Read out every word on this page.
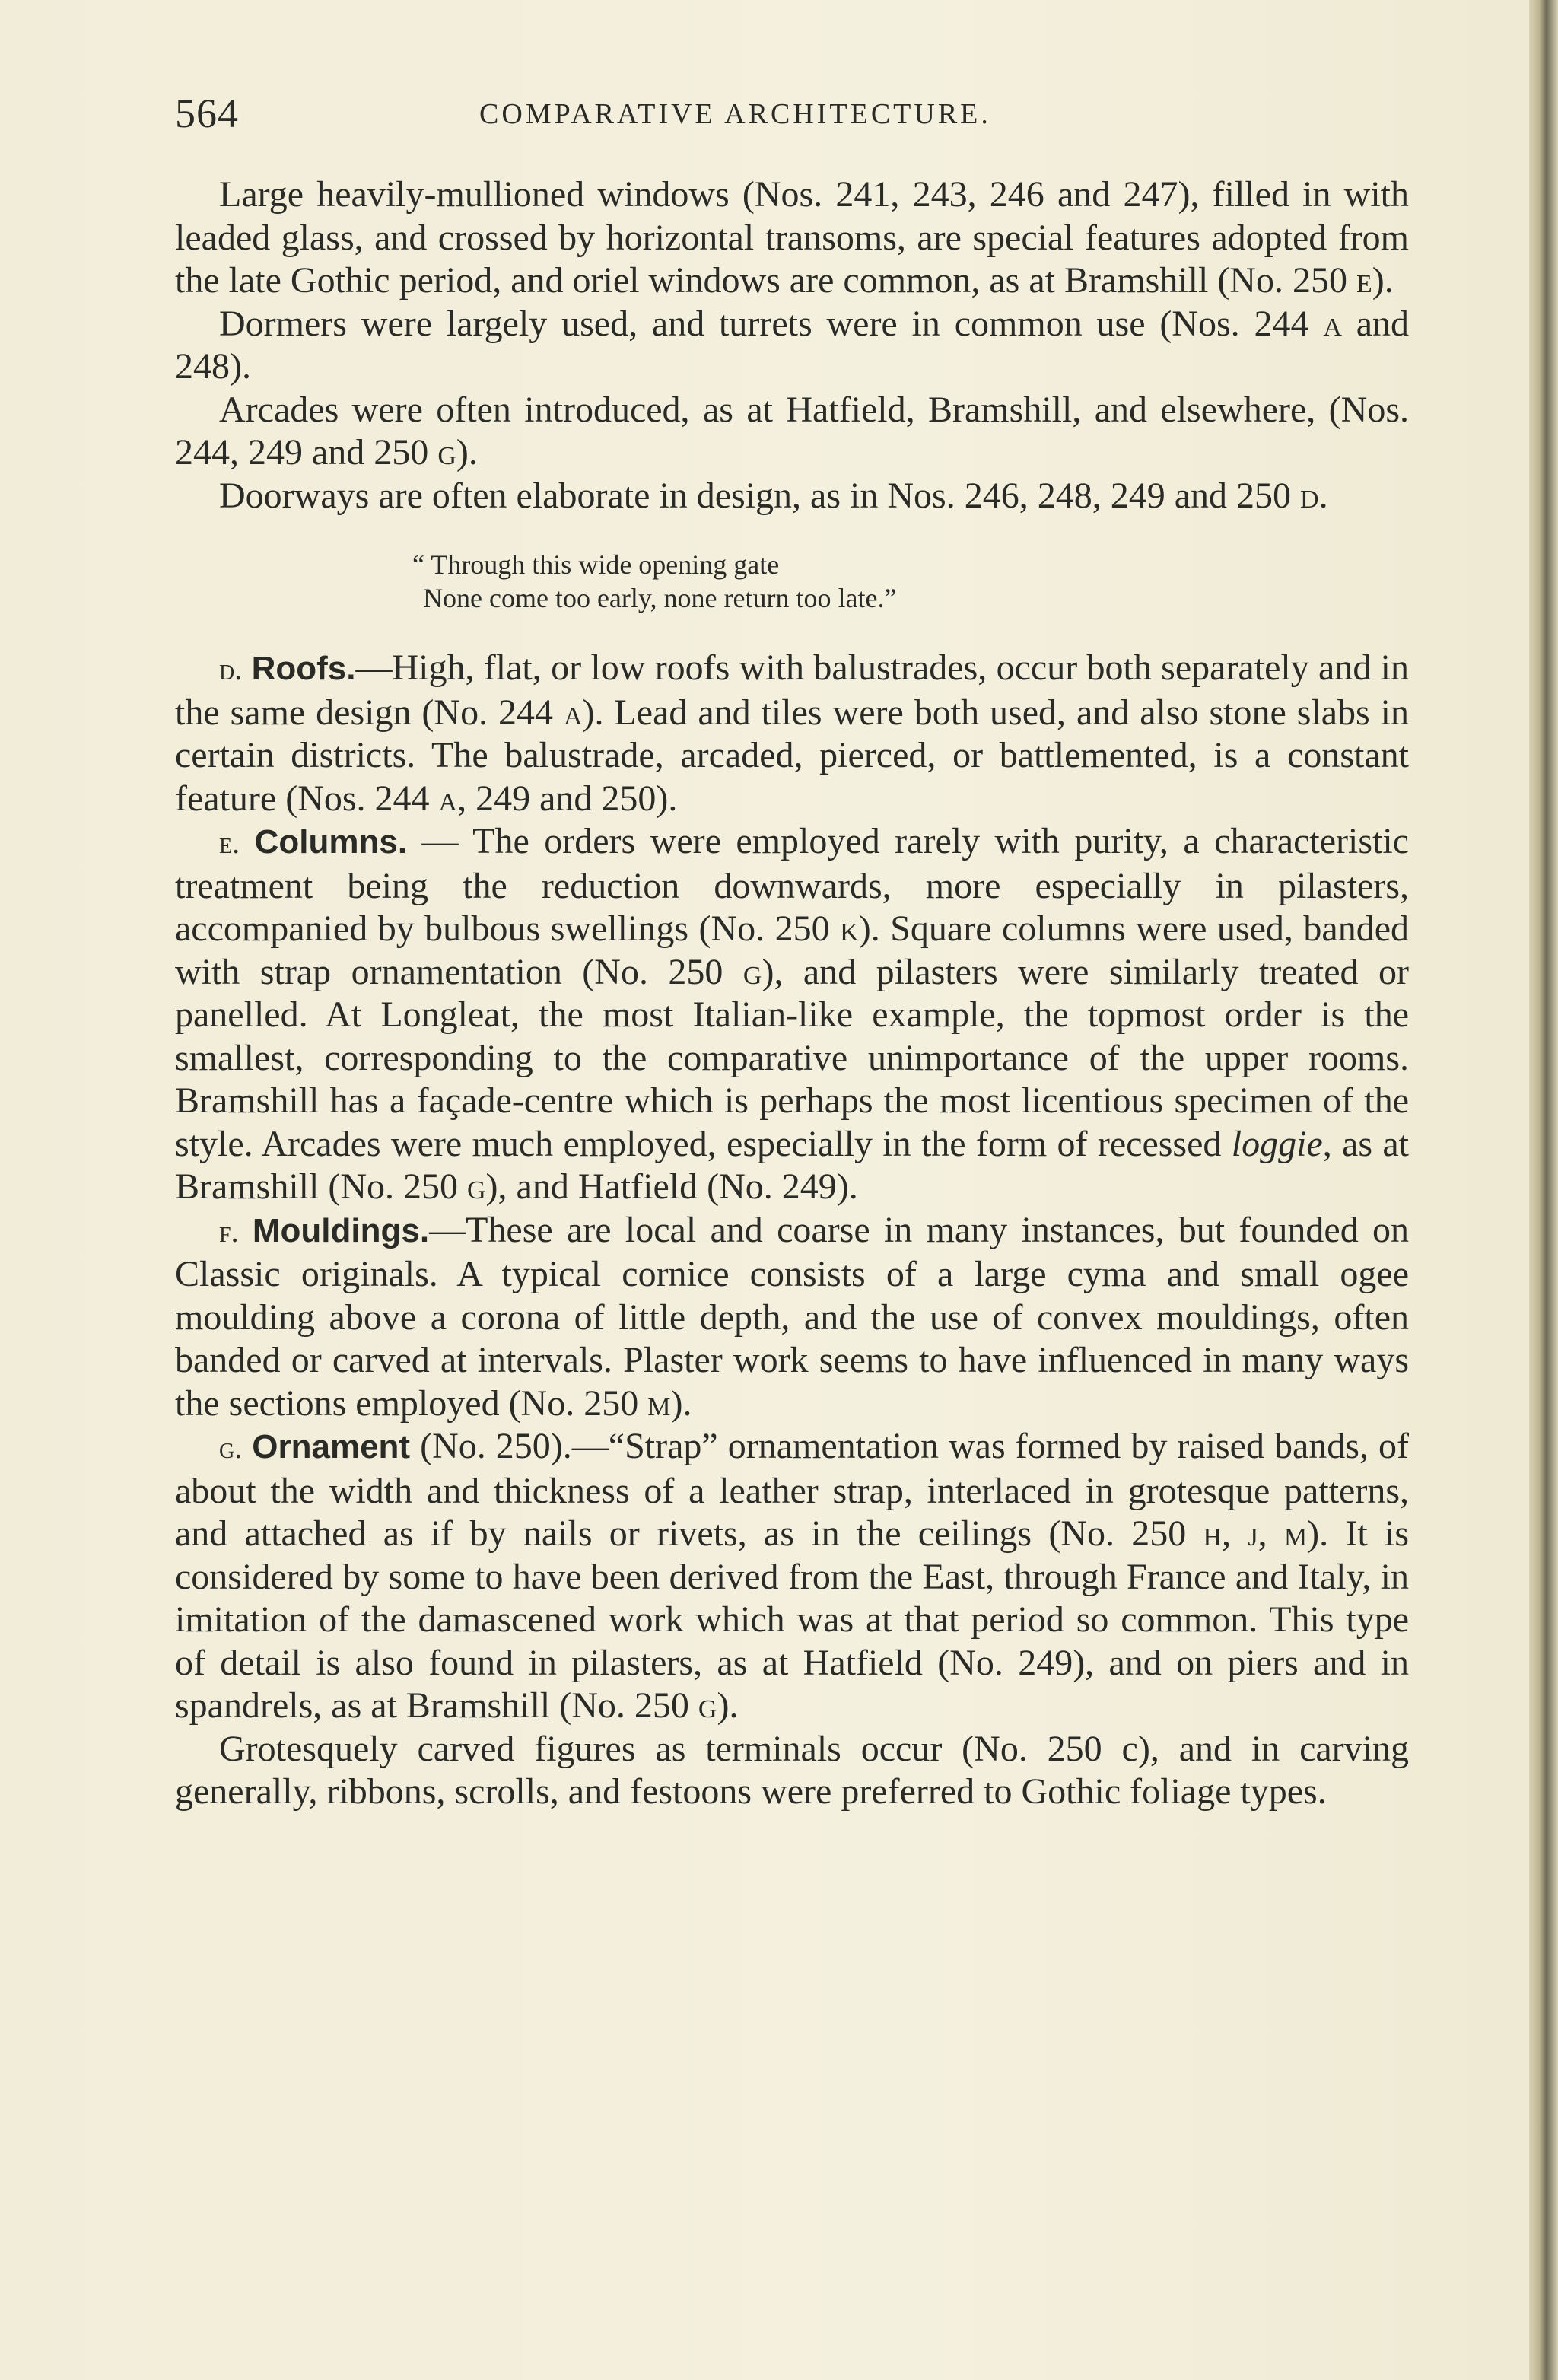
564	COMPARATIVE ARCHITECTURE.

Large heavily-mullioned windows (Nos. 241, 243, 246 and 247), filled in with leaded glass, and crossed by horizontal transoms, are special features adopted from the late Gothic period, and oriel windows are common, as at Bramshill (No. 250 e).

Dormers were largely used, and turrets were in common use (Nos. 244 a and 248).

Arcades were often introduced, as at Hatfield, Bramshill, and elsewhere, (Nos. 244, 249 and 250 g).

Doorways are often elaborate in design, as in Nos. 246, 248, 249 and 250 d.

“ Through this wide opening gate
None come too early, none return too late.”

d. Roofs.—High, flat, or low roofs with balustrades, occur both separately and in the same design (No. 244 a). Lead and tiles were both used, and also stone slabs in certain districts. The balustrade, arcaded, pierced, or battlemented, is a constant feature (Nos. 244 a, 249 and 250).

e. Columns. — The orders were employed rarely with purity, a characteristic treatment being the reduction downwards, more especially in pilasters, accompanied by bulbous swellings (No. 250 k). Square columns were used, banded with strap ornamentation (No. 250 g), and pilasters were similarly treated or panelled. At Longleat, the most Italian-like example, the topmost order is the smallest, corresponding to the comparative unimportance of the upper rooms. Bramshill has a façade-centre which is perhaps the most licentious specimen of the style. Arcades were much employed, especially in the form of recessed loggie, as at Bramshill (No. 250 g), and Hatfield (No. 249).

f. Mouldings.—These are local and coarse in many instances, but founded on Classic originals. A typical cornice consists of a large cyma and small ogee moulding above a corona of little depth, and the use of convex mouldings, often banded or carved at intervals. Plaster work seems to have influenced in many ways the sections employed (No. 250 m).

g. Ornament (No. 250).—“Strap” ornamentation was formed by raised bands, of about the width and thickness of a leather strap, interlaced in grotesque patterns, and attached as if by nails or rivets, as in the ceilings (No. 250 h, j, m). It is considered by some to have been derived from the East, through France and Italy, in imitation of the damascened work which was at that period so common. This type of detail is also found in pilasters, as at Hatfield (No. 249), and on piers and in spandrels, as at Bramshill (No. 250 g).

Grotesquely carved figures as terminals occur (No. 250 c), and in carving generally, ribbons, scrolls, and festoons were preferred to Gothic foliage types.
